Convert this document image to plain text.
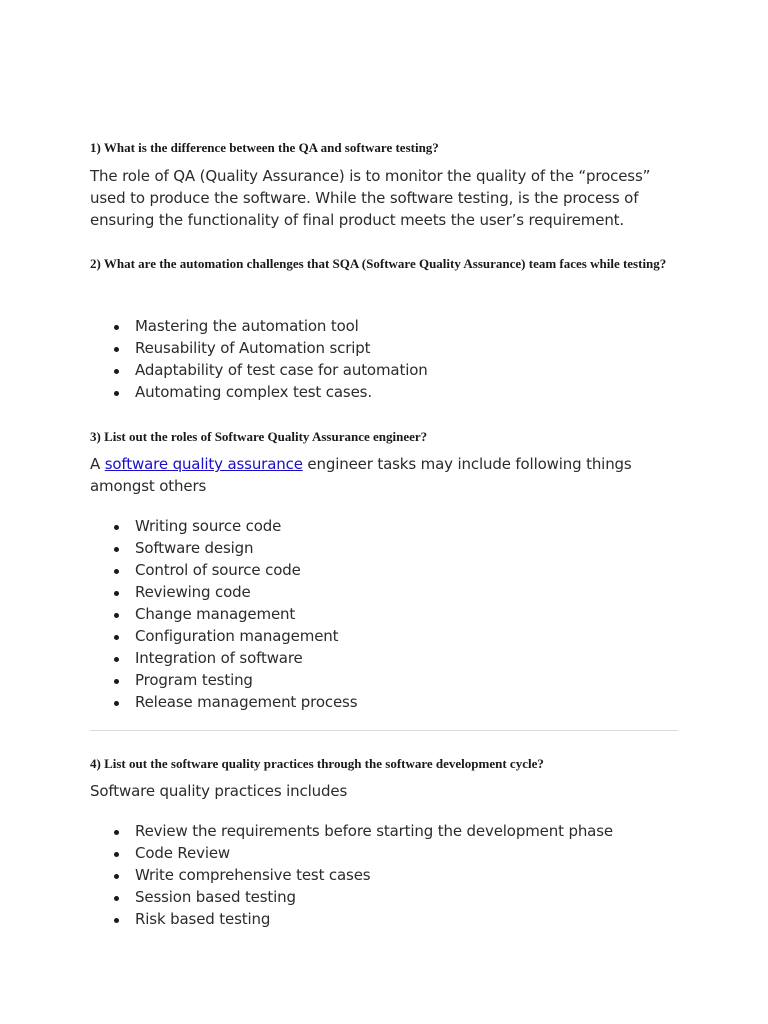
1) What is the difference between the QA and software testing?

The role of QA (Quality Assurance) is to monitor the quality of the “process” used to produce the software. While the software testing, is the process of ensuring the functionality of final product meets the user’s requirement.

2) What are the automation challenges that SQA (Software Quality Assurance) team faces while testing?
Mastering the automation tool
Reusability of Automation script
Adaptability of test case for automation
Automating complex test cases.
3) List out the roles of Software Quality Assurance engineer?

A software quality assurance engineer tasks may include following things amongst others

Writing source code
Software design
Control of source code
Reviewing code
Change management
Configuration management
Integration of software
Program testing
Release management process
4) List out the software quality practices through the software development cycle?

Software quality practices includes

Review the requirements before starting the development phase
Code Review
Write comprehensive test cases
Session based testing
Risk based testing
